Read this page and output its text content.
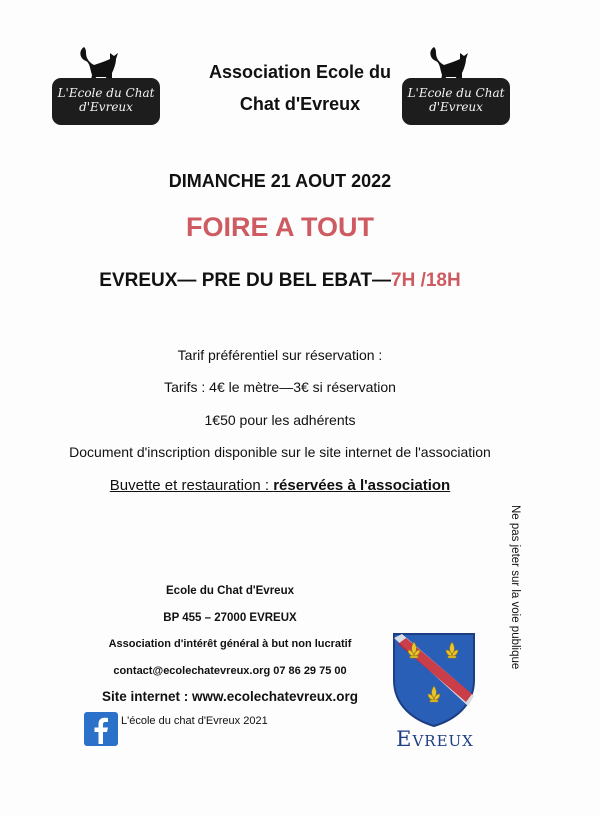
L'Ecole du Chat
d'Evreux
L'Ecole du Chat
d'Evreux
Association Ecole du
Chat d'Evreux
DIMANCHE 21 AOUT 2022
FOIRE A TOUT
EVREUX— PRE DU BEL EBAT—7H /18H
Tarif préférentiel sur réservation :
Tarifs : 4€ le mètre—3€ si réservation
1€50 pour les adhérents
Document d'inscription disponible sur le site internet de l'association
Buvette et restauration : réservées à l'association
Ne pas jeter sur la voie publique
Ecole du Chat d'Evreux
BP 455 – 27000 EVREUX
Association d'intérêt général à but non lucratif
contact@ecolechatevreux.org 07 86 29 75 00
Site internet : www.ecolechatevreux.org
L'école du chat d'Evreux 2021
Evreux
